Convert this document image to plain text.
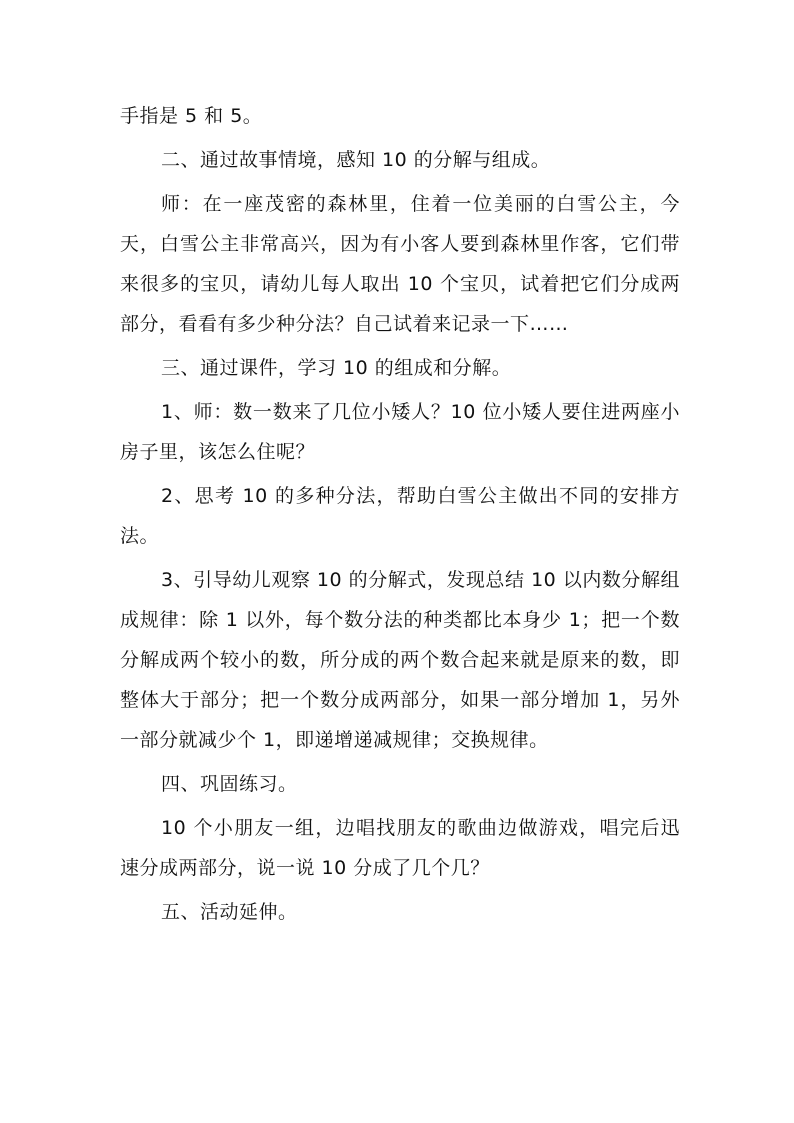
手指是 5 和 5。

二、通过故事情境，感知 10 的分解与组成。

师：在一座茂密的森林里，住着一位美丽的白雪公主，今天，白雪公主非常高兴，因为有小客人要到森林里作客，它们带来很多的宝贝，请幼儿每人取出 10 个宝贝，试着把它们分成两部分，看看有多少种分法？自己试着来记录一下……

三、通过课件，学习 10 的组成和分解。

1、师：数一数来了几位小矮人？10 位小矮人要住进两座小房子里，该怎么住呢？

2、思考 10 的多种分法，帮助白雪公主做出不同的安排方法。

3、引导幼儿观察 10 的分解式，发现总结 10 以内数分解组成规律：除 1 以外，每个数分法的种类都比本身少 1；把一个数分解成两个较小的数，所分成的两个数合起来就是原来的数，即整体大于部分；把一个数分成两部分，如果一部分增加 1，另外一部分就减少个 1，即递增递减规律；交换规律。

四、巩固练习。

10 个小朋友一组，边唱找朋友的歌曲边做游戏，唱完后迅速分成两部分，说一说 10 分成了几个几？

五、活动延伸。
